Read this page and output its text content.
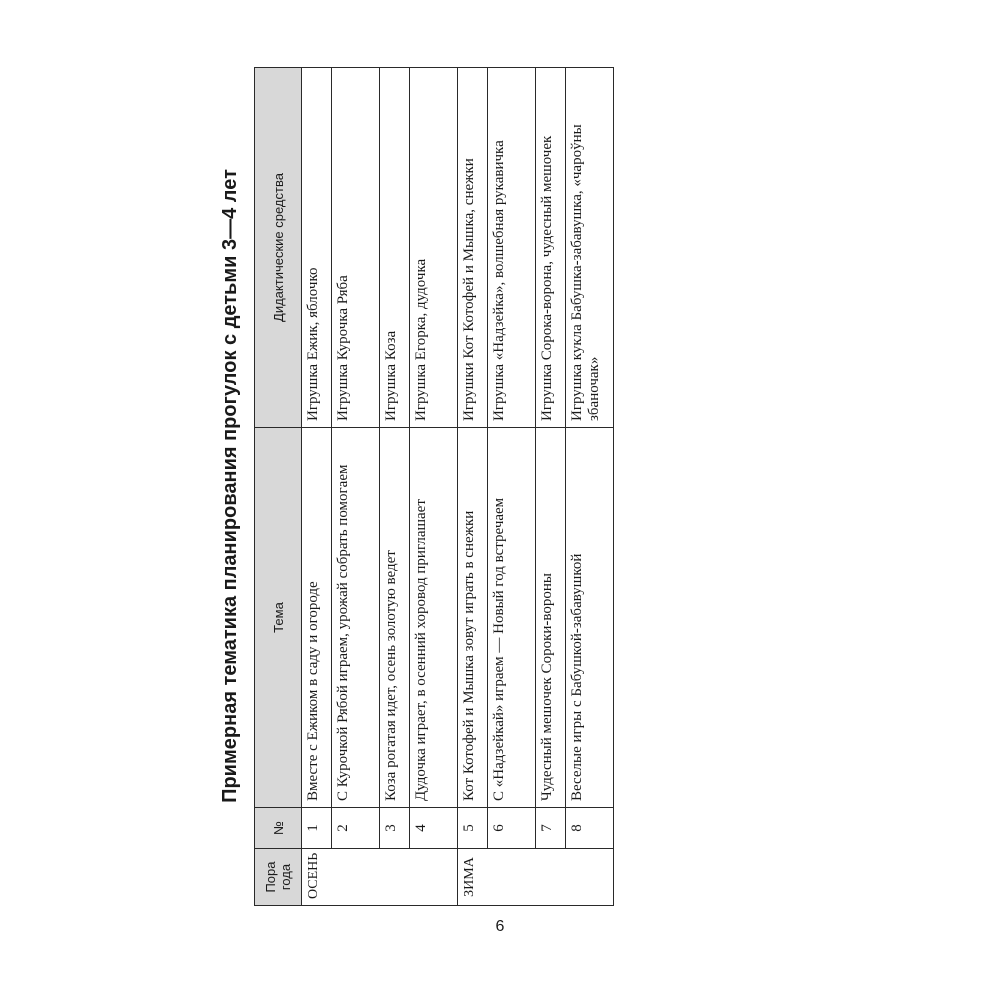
Примерная тематика планирования прогулок с детьми 3—4 лет
Пора года	№	Тема	Дидактические средства
ОСЕНЬ	1	Вместе с Ежиком в саду и огороде	Игрушка Ежик, яблочко
	2	С Курочкой Рябой играем, урожай собрать помогаем	Игрушка Курочка Ряба
	3	Коза рогатая идет, осень золотую ведет	Игрушка Коза
	4	Дудочка играет, в осенний хоровод приглашает	Игрушка Егорка, дудочка
ЗИМА	5	Кот Котофей и Мышка зовут играть в снежки	Игрушки Кот Котофей и Мышка, снежки
	6	С «Надзейкай» играем — Новый год встречаем	Игрушка «Надзейка», волшебная рукавичка
	7	Чудесный мешочек Сороки-вороны	Игрушка Сорока-ворона, чудесный мешочек
	8	Веселые игры с Бабушкой-забавушкой	Игрушка кукла Бабушка-забавушка, «чароўны збаночак»
6
